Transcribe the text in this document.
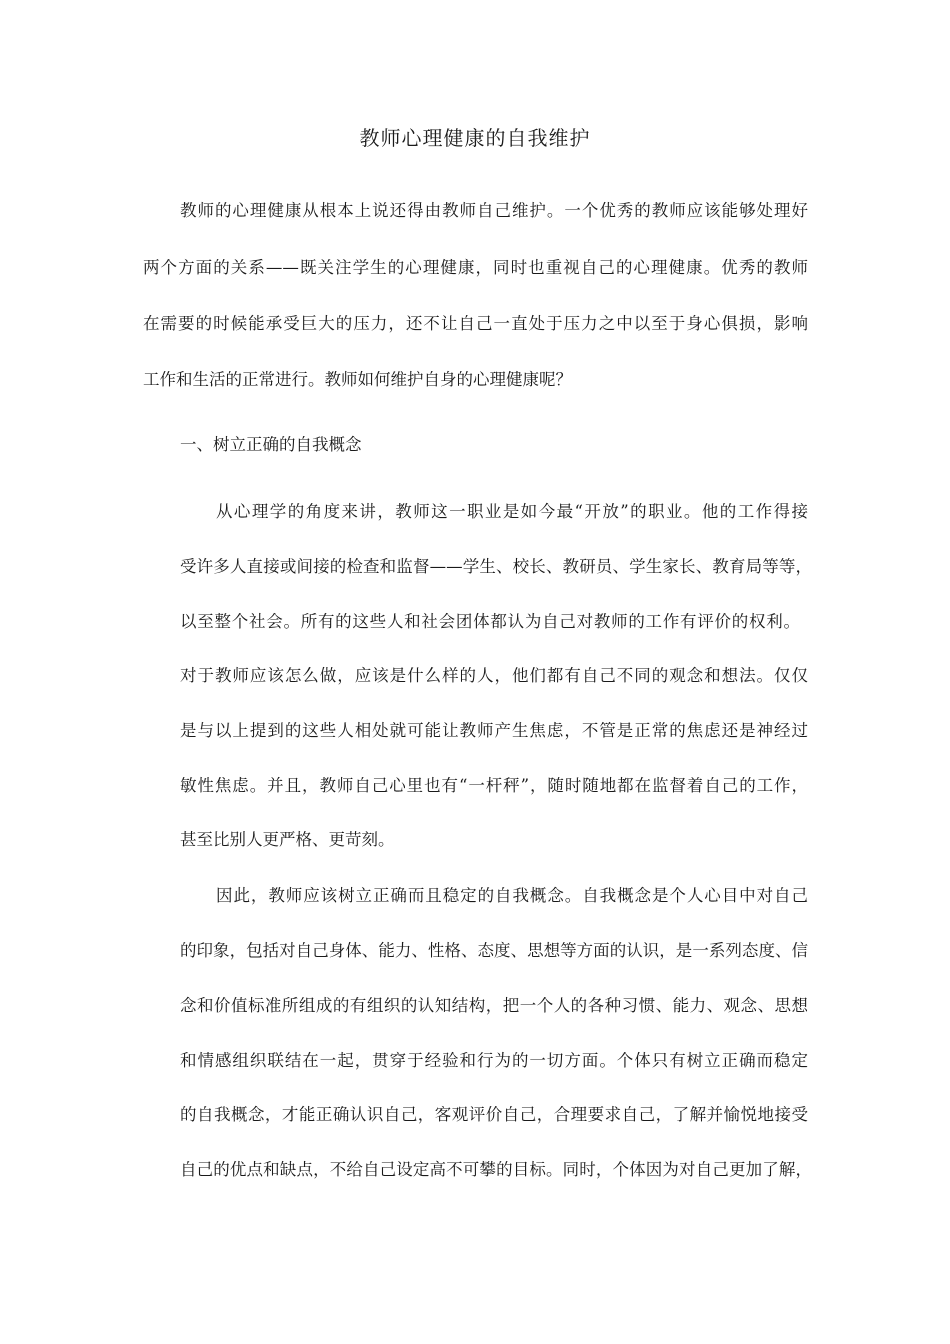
教师心理健康的自我维护

教师的心理健康从根本上说还得由教师自己维护。一个优秀的教师应该能够处理好

两个方面的关系——既关注学生的心理健康，同时也重视自己的心理健康。优秀的教师

在需要的时候能承受巨大的压力，还不让自己一直处于压力之中以至于身心俱损，影响

工作和生活的正常进行。教师如何维护自身的心理健康呢？

一、树立正确的自我概念

从心理学的角度来讲，教师这一职业是如今最“开放”的职业。他的工作得接

受许多人直接或间接的检查和监督——学生、校长、教研员、学生家长、教育局等等，

以至整个社会。所有的这些人和社会团体都认为自己对教师的工作有评价的权利。

对于教师应该怎么做，应该是什么样的人，他们都有自己不同的观念和想法。仅仅

是与以上提到的这些人相处就可能让教师产生焦虑，不管是正常的焦虑还是神经过

敏性焦虑。并且，教师自己心里也有“一杆秤”，随时随地都在监督着自己的工作，

甚至比别人更严格、更苛刻。

因此，教师应该树立正确而且稳定的自我概念。自我概念是个人心目中对自己

的印象，包括对自己身体、能力、性格、态度、思想等方面的认识，是一系列态度、信

念和价值标准所组成的有组织的认知结构，把一个人的各种习惯、能力、观念、思想

和情感组织联结在一起，贯穿于经验和行为的一切方面。个体只有树立正确而稳定

的自我概念，才能正确认识自己，客观评价自己，合理要求自己，了解并愉悦地接受

自己的优点和缺点，不给自己设定高不可攀的目标。同时，个体因为对自己更加了解，
